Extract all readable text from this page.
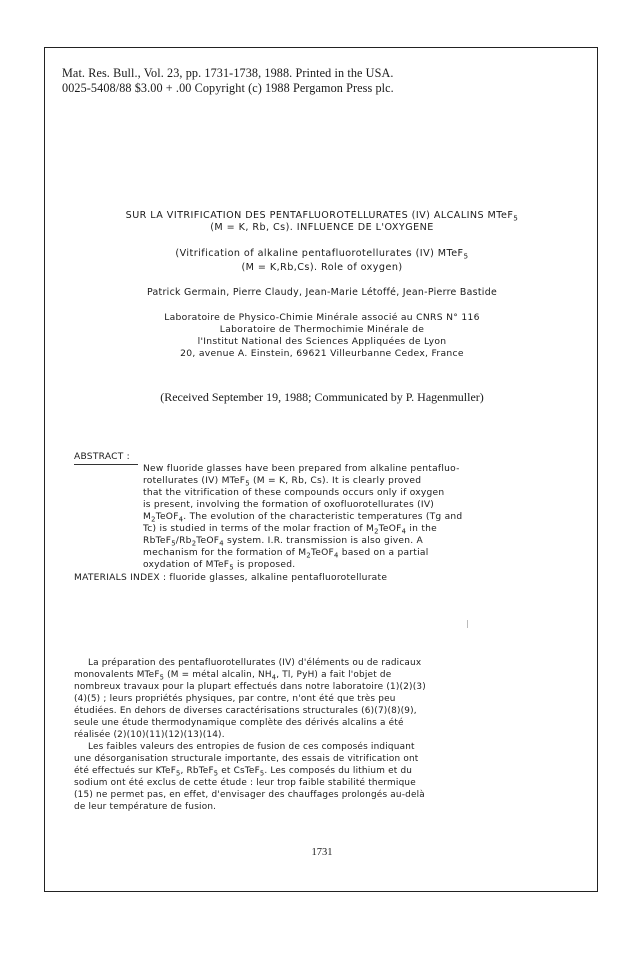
Mat. Res. Bull., Vol. 23, pp. 1731-1738, 1988. Printed in the USA.
0025-5408/88 $3.00 + .00 Copyright (c) 1988 Pergamon Press plc.
SUR LA VITRIFICATION DES PENTAFLUOROTELLURATES (IV) ALCALINS MTeF$_5$
(M = K, Rb, Cs). INFLUENCE DE L'OXYGENE
(Vitrification of alkaline pentafluorotellurates (IV) MTeF$_5$
(M = K,Rb,Cs). Role of oxygen)
Patrick Germain, Pierre Claudy, Jean-Marie Létoffé, Jean-Pierre Bastide
Laboratoire de Physico-Chimie Minérale associé au CNRS N° 116
Laboratoire de Thermochimie Minérale de
l'Institut National des Sciences Appliquées de Lyon
20, avenue A. Einstein, 69621 Villeurbanne Cedex, France
(Received September 19, 1988; Communicated by P. Hagenmuller)
ABSTRACT :
New fluoride glasses have been prepared from alkaline pentafluo-
rotellurates (IV) MTeF$_5$ (M = K, Rb, Cs). It is clearly proved
that the vitrification of these compounds occurs only if oxygen
is present, involving the formation of oxofluorotellurates (IV)
$M_2TeOF_4$. The evolution of the characteristic temperatures (Tg and
Tc) is studied in terms of the molar fraction of $M_2TeOF_4$ in the
$RbTeF_5/Rb_2TeOF_4$ system. I.R. transmission is also given. A
mechanism for the formation of $M_2TeOF_4$ based on a partial
oxydation of MTeF$_5$ is proposed.
MATERIALS INDEX : fluoride glasses, alkaline pentafluorotellurate
La préparation des pentafluorotellurates (IV) d'éléments ou de radicaux
monovalents MTeF$_5$ (M = métal alcalin, $NH_4$, Tl, PyH) a fait l'objet de
nombreux travaux pour la plupart effectués dans notre laboratoire (1)(2)(3)
(4)(5) ; leurs propriétés physiques, par contre, n'ont été que très peu
étudiées. En dehors de diverses caractérisations structurales (6)(7)(8)(9),
seule une étude thermodynamique complète des dérivés alcalins a été
réalisée (2)(10)(11)(12)(13)(14).
Les faibles valeurs des entropies de fusion de ces composés indiquant
une désorganisation structurale importante, des essais de vitrification ont
été effectués sur KTeF$_5$, RbTeF$_5$ et CsTeF$_5$. Les composés du lithium et du
sodium ont été exclus de cette étude : leur trop faible stabilité thermique
(15) ne permet pas, en effet, d'envisager des chauffages prolongés au-delà
de leur température de fusion.
1731
